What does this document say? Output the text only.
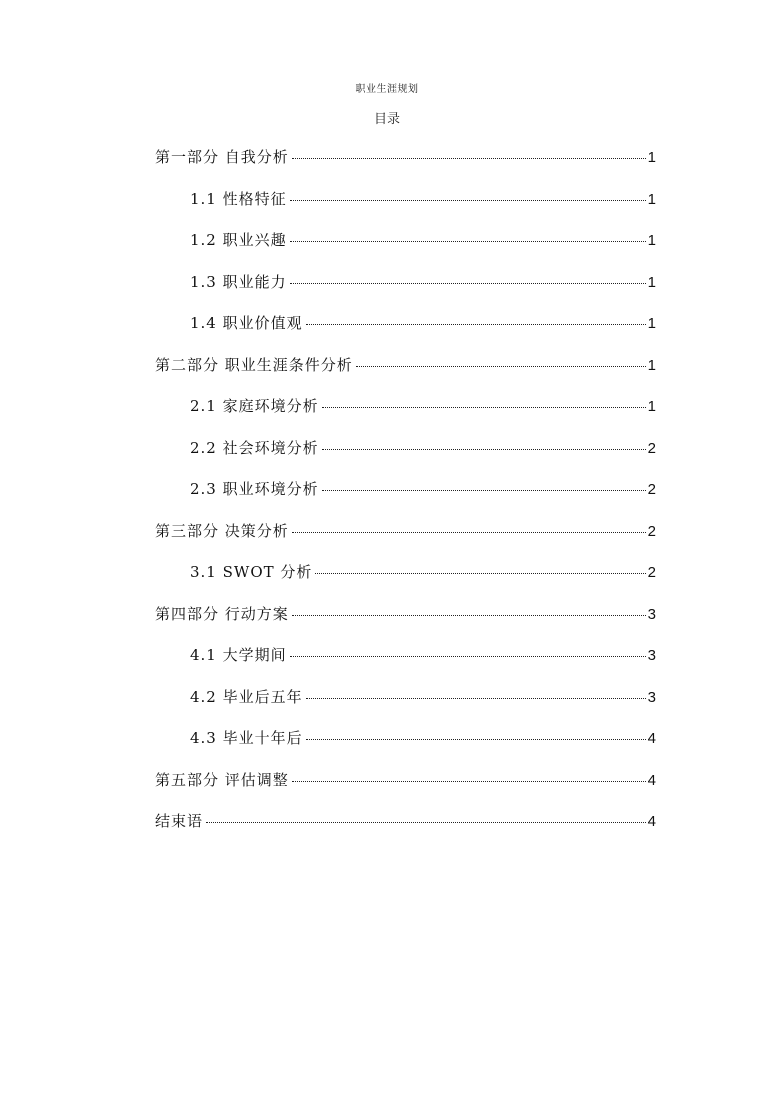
职业生涯规划
目录
第一部分 自我分析	1
1.1 性格特征	1
1.2 职业兴趣	1
1.3 职业能力	1
1.4 职业价值观	1
第二部分 职业生涯条件分析	1
2.1 家庭环境分析	1
2.2 社会环境分析	2
2.3 职业环境分析	2
第三部分 决策分析	2
3.1 SWOT 分析	2
第四部分 行动方案	3
4.1 大学期间	3
4.2 毕业后五年	3
4.3 毕业十年后	4
第五部分 评估调整	4
结束语	4
